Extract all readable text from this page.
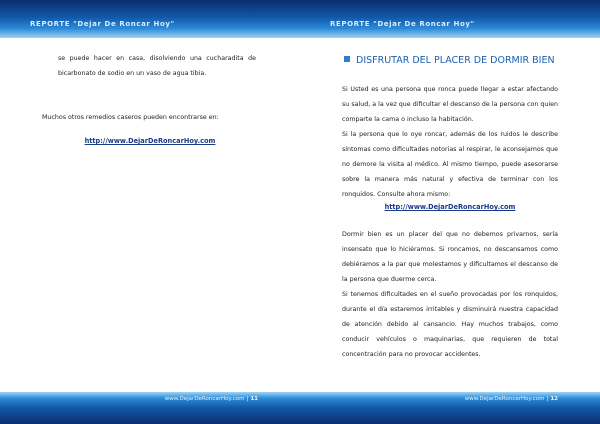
REPORTE "Dejar De Roncar Hoy"

se puede hacer en casa, disolviendo una cucharadita de bicarbonato de sodio en un vaso de agua tibia.

Muchos otros remedios caseros pueden encontrarse en:

http://www.DejarDeRoncarHoy.com
www.DejarDeRoncarHoy.com | 11
REPORTE "Dejar De Roncar Hoy"
DISFRUTAR DEL PLACER DE DORMIR BIEN

Si Usted es una persona que ronca puede llegar a estar afectando su salud, a la vez que dificultar el descanso de la persona con quien comparte la cama o incluso la habitación.

Si la persona que lo oye roncar, además de los ruidos le describe síntomas como dificultades notorias al respirar, le aconsejamos que no demore la visita al médico. Al mismo tiempo, puede asesorarse sobre la manera más natural y efectiva de terminar con los ronquidos. Consulte ahora mismo:

http://www.DejarDeRoncarHoy.com

Dormir bien es un placer del que no debemos privarnos, sería insensato que lo hiciéramos. Si roncamos, no descansamos como debiéramos a la par que molestamos y dificultamos el descanso de la persona que duerme cerca.

Si tenemos dificultades en el sueño provocadas por los ronquidos, durante el día estaremos irritables y disminuirá nuestra capacidad de atención debido al cansancio. Hay muchos trabajos, como conducir vehículos o maquinarias, que requieren de total concentración para no provocar accidentes.

www.DejarDeRoncarHoy.com | 12
